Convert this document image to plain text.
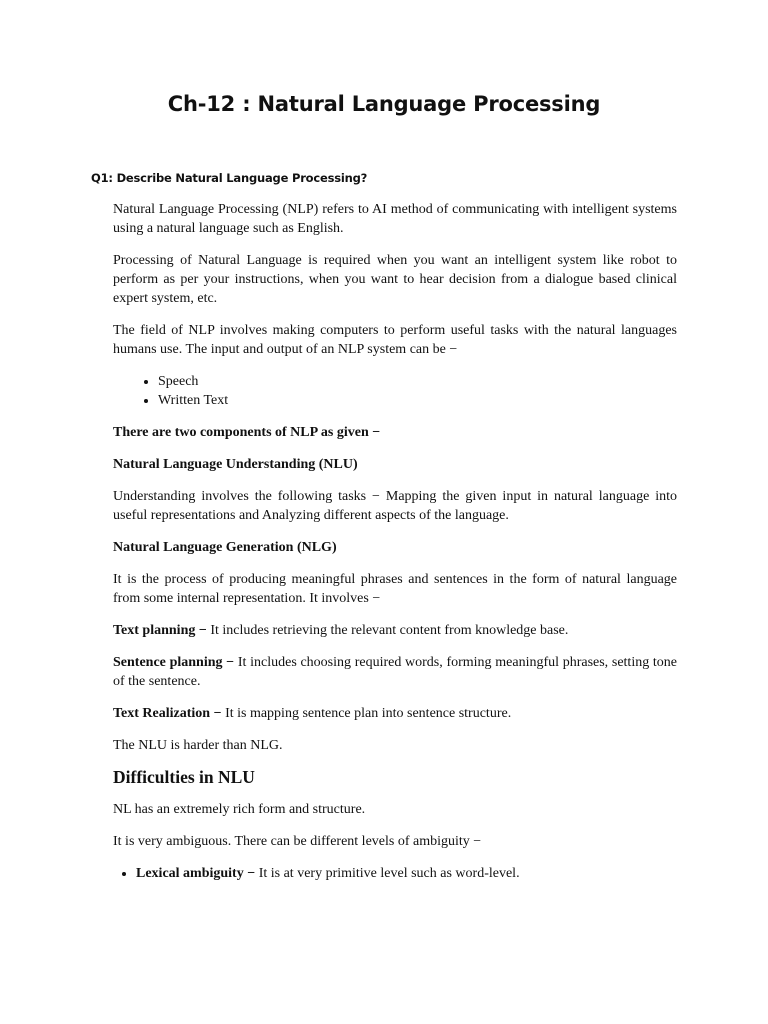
Ch-12 : Natural Language Processing
Q1: Describe Natural Language Processing?

Natural Language Processing (NLP) refers to AI method of communicating with intelligent systems using a natural language such as English.

Processing of Natural Language is required when you want an intelligent system like robot to perform as per your instructions, when you want to hear decision from a dialogue based clinical expert system, etc.

The field of NLP involves making computers to perform useful tasks with the natural languages humans use. The input and output of an NLP system can be −

• Speech
• Written Text

There are two components of NLP as given −

Natural Language Understanding (NLU)

Understanding involves the following tasks − Mapping the given input in natural language into useful representations and Analyzing different aspects of the language.

Natural Language Generation (NLG)

It is the process of producing meaningful phrases and sentences in the form of natural language from some internal representation. It involves −

Text planning − It includes retrieving the relevant content from knowledge base.

Sentence planning − It includes choosing required words, forming meaningful phrases, setting tone of the sentence.

Text Realization − It is mapping sentence plan into sentence structure.

The NLU is harder than NLG.

Difficulties in NLU

NL has an extremely rich form and structure.

It is very ambiguous. There can be different levels of ambiguity −

• Lexical ambiguity − It is at very primitive level such as word-level.
